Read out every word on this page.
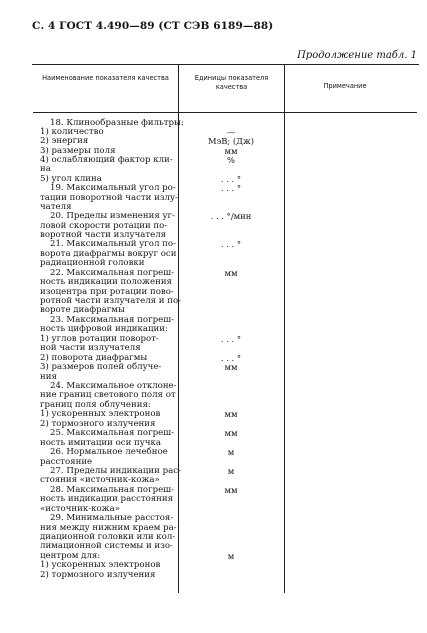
С. 4 ГОСТ 4.490—89 (СТ СЭВ 6189—88)
Продолжение табл. 1
Наименование показателя качества	Единицы показателя качества	Примечание
18. Клинообразные фильтры:
1) количество	—
2) энергия	МэВ; (Дж)
3) размеры поля	мм
4) ослабляющий фактор кли-	%
на
5) угол клина	. . . °
19. Максимальный угол ро-	. . . °
тации поворотной части излу-
чателя
20. Пределы изменения уг-	. . . °/мин
ловой скорости ротации по-
воротной части излучателя
21. Максимальный угол по-	. . . °
ворота диафрагмы вокруг оси
радиационной головки
22. Максимальная погреш-	мм
ность индикации положения
изоцентра при ротации пово-
ротной части излучателя и по-
вороте диафрагмы
23. Максимальная погреш-
ность цифровой индикации:
1) углов ротации поворот-	. . . °
ной части излучателя
2) поворота диафрагмы	. . . °
3) размеров полей облуче-	мм
ния
24. Максимальное отклоне-
ние границ светового поля от
границ поля облучения:
1) ускоренных электронов	мм
2) тормозного излучения
25. Максимальная погреш-	мм
ность имитации оси пучка
26. Нормальное лечебное	м
расстояние
27. Пределы индикации рас-	м
стояния «источник-кожа»
28. Максимальная погреш-	мм
ность индикации расстояния
«источник-кожа»
29. Минимальные расстоя-
ния между нижним краем ра-
диационной головки или кол-
лимационной системы и изо-
центром для:	м
1) ускоренных электронов
2) тормозного излучения
